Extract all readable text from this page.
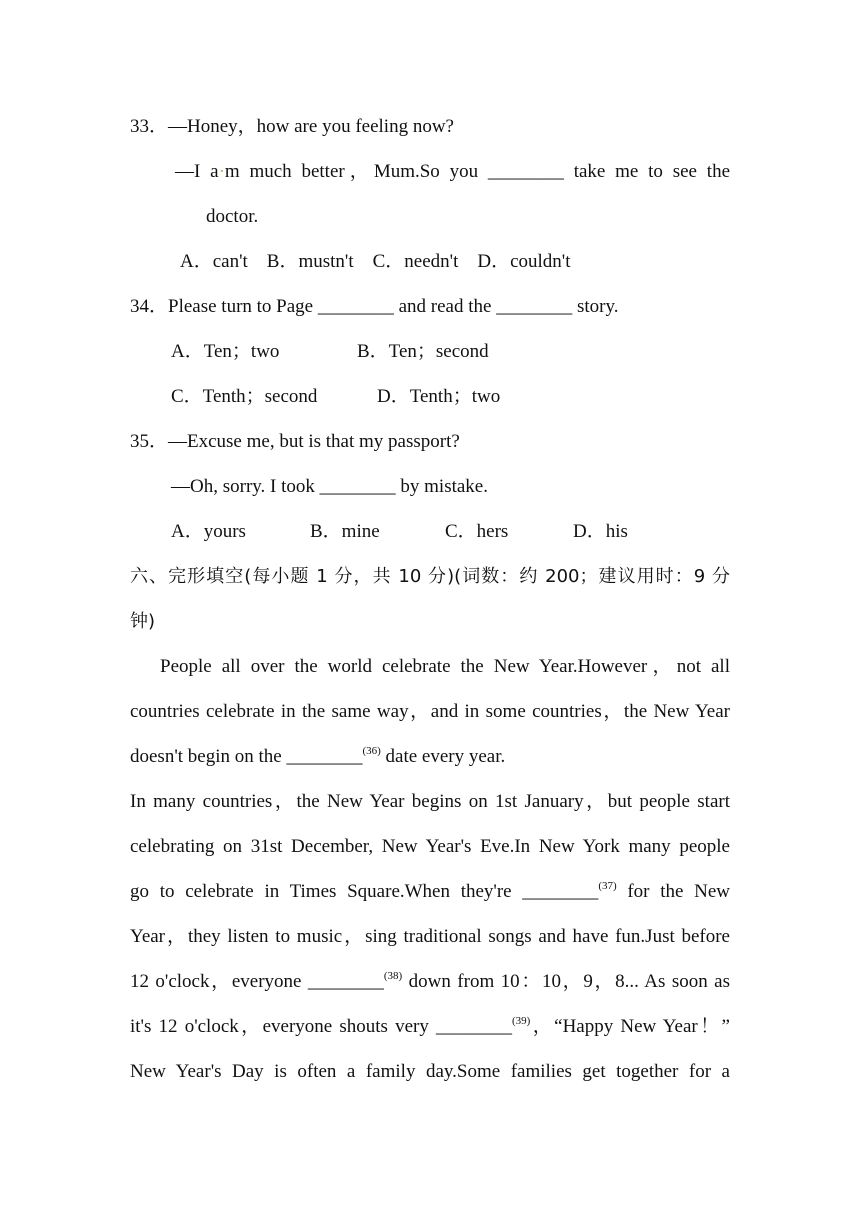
33．—Honey，how are you feeling now?
—I a·m much better，Mum.So you ________ take me to see the
doctor.
A．can't　B．mustn't　C．needn't　D．couldn't
34．Please turn to Page ________ and read the ________ story.
A．Ten；two	B．Ten；second
C．Tenth；second	D．Tenth；two
35．—Excuse me, but is that my passport?
—Oh, sorry. I took ________ by mistake.
A．yours	B．mine	C．hers	D．his
六、完形填空(每小题 1 分，共 10 分)(词数：约 200；建议用时：9 分
钟)
People all over the world celebrate the New Year.However，not all
countries celebrate in the same way，and in some countries，the New Year
doesn't begin on the ________$^{(36)}$ date every year.
In many countries，the New Year begins on 1st January，but people start
celebrating on 31st December, New Year's Eve.In New York many people
go to celebrate in Times Square.When they're ________$^{(37)}$ for the New
Year，they listen to music，sing traditional songs and have fun.Just before
12 o'clock，everyone ________$^{(38)}$ down from 10：10，9，8... As soon as
it's 12 o'clock，everyone shouts very ________$^{(39)}$，“Happy New Year！”
New Year's Day is often a family day.Some families get together for a
